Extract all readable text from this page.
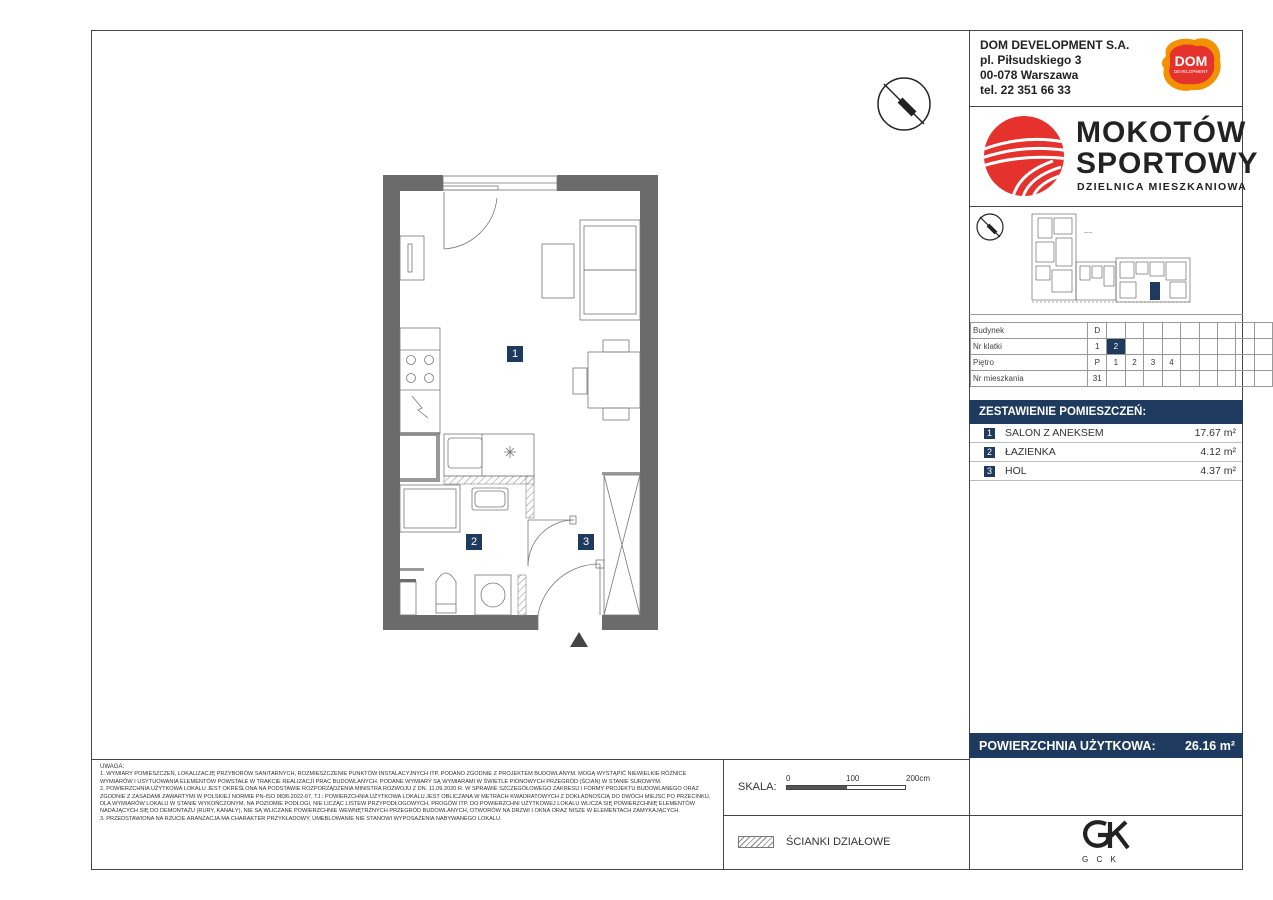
DOM DEVELOPMENT S.A.
pl. Piłsudskiego 3
00-078 Warszawa
tel. 22 351 66 33
DOM
DEVELOPMENT
MOKOTÓW
SPORTOWY
DZIELNICA MIESZKANIOWA
∼∼
Budynek	D									
Nr klatki	1	2								
Piętro	P	1	2	3	4					
Nr mieszkania	31									
ZESTAWIENIE POMIESZCZEŃ:
1 SALON Z ANEKSEM	17.67 m²
2 ŁAZIENKA	4.12 m²
3 HOL	4.37 m²
POWIERZCHNIA UŻYTKOWA: 26.16 m²
G C K
1
2	3

UWAGA:

1. WYMIARY POMIESZCZEŃ, LOKALIZACJĘ PRZYBORÓW SANITARNYCH, ROZMIESZCZENIE PUNKTÓW INSTALACYJNYCH ITP. PODANO ZGODNIE Z PROJEKTEM BUDOWLANYM. MOGĄ WYSTĄPIĆ NIEWIELKIE RÓŻNICE WYMIARÓW I USYTUOWANIA ELEMENTÓW POWSTAŁE W TRAKCIE REALIZACJI PRAC BUDOWLANYCH. PODANE WYMIARY SĄ WYMIARAMI W ŚWIETLE PIONOWYCH PRZEGRÓD (ŚCIAN) W STANIE SUROWYM.

2. POWIERZCHNIA UŻYTKOWA LOKALU JEST OKREŚLONA NA PODSTAWIE ROZPORZĄDZENIA MINISTRA ROZWOJU Z DN. 11.09.2020 R. W SPRAWIE SZCZEGÓŁOWEGO ZAKRESU I FORMY PROJEKTU BUDOWLANEGO ORAZ ZGODNIE Z ZASADAMI ZAWARTYMI W POLSKIEJ NORMIE PN-ISO 9836:2022-07, TJ.: POWIERZCHNIA UŻYTKOWA LOKALU JEST OBLICZANA W METRACH KWADRATOWYCH Z DOKŁADNOŚCIĄ DO DWÓCH MIEJSC PO PRZECINKU, DLA WYMIARÓW LOKALU W STANIE WYKOŃCZONYM, NA POZIOMIE PODŁOGI, NIE LICZĄC LISTEW PRZYPODŁOGOWYCH, PROGÓW ITP. DO POWIERZCHNI UŻYTKOWEJ LOKALU WLICZA SIĘ POWIERZCHNIĘ ELEMENTÓW NADAJĄCYCH SIĘ DO DEMONTAŻU (RURY, KANAŁY), NIE SĄ WLICZANE POWIERZCHNIE WEWNĘTRZNYCH PRZEGRÓD BUDOWLANYCH, OTWORÓW NA DRZWI I OKNA ORAZ NISZE W ELEMENTACH ZAMYKAJĄCYCH.

3. PRZEDSTAWIONA NA RZUCIE ARANŻACJA MA CHARAKTER PRZYKŁADOWY, UMEBLOWANIE NIE STANOWI WYPOSAŻENIA NABYWANEGO LOKALU.

SKALA:
0	100	200cm
ŚCIANKI DZIAŁOWE
